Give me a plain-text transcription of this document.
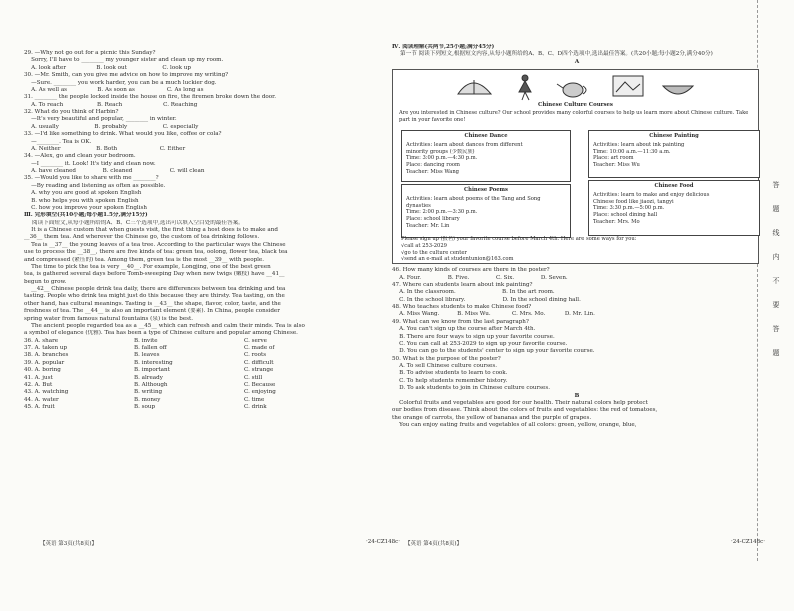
29. —Why not go out for a picnic this Sunday?
Sorry, I'll have to ________ my younger sister and clean up my room.
A. look after                 B. look out                    C. look up
30. —Mr. Smith, can you give me advice on how to improve my writing?
—Sure. ________ you work harder, you can be a much luckier dog.
A. As well as                 B. As soon as                  C. As long as
31. ________ the people locked inside the house on fire, the firemen broke down the door.
A. To reach                   B. Reach                       C. Reaching
32. What do you think of Harbin?
—It's very beautiful and popular, ________ in winter.
A. usually                    B. probably                    C. especially
33. —I'd like something to drink. What would you like, coffee or cola?
—________. Tea is OK.
A. Neither                    B. Both                        C. Either
34. —Alex, go and clean your bedroom.
—I ________ it. Look! It's tidy and clean now.
A. have cleaned               B. cleaned                     C. will clean
35. —Would you like to share with me ________?
—By reading and listening as often as possible.
A. why you are good at spoken English
B. who helps you with spoken English
C. how you improve your spoken English
Ⅲ. 完形填空(共10小题;每小题1.5分,满分15分)
阅读下面短文,从每小题所给的A、B、C三个选项中,选出可以填入空白处的最佳答案。
It is a Chinese custom that when guests visit, the first thing a host does is to make and
__36__ them tea. And wherever the Chinese go, the custom of tea drinking follows.
Tea is __37__ the young leaves of a tea tree. According to the particular ways the Chinese
use to process the __38__, there are five kinds of tea: green tea, oolong, flower tea, black tea
and compressed (紧压的) tea. Among them, green tea is the most __39__ with people.
The time to pick the tea is very __40__. For example, Longjing, one of the best green
tea, is gathered several days before Tomb-sweeping Day when new twigs (嫩枝) have __41__
begun to grow.
__42__ Chinese people drink tea daily, there are differences between tea drinking and tea
tasting. People who drink tea might just do this because they are thirsty. Tea tasting, on the
other hand, has cultural meanings. Tasting is __43__ the shape, flavor, color, taste, and the
freshness of tea. The __44__ is also an important element (要素). In China, people consider
spring water from famous natural fountains (泉) is the best.
The ancient people regarded tea as a __45__ which can refresh and calm their minds. Tea is also
a symbol of elegance (优雅). Tea has been a type of Chinese culture and popular among Chinese.
36. A. share	B. invite	C. serve
37. A. taken up	B. fallen off	C. made of
38. A. branches	B. leaves	C. roots
39. A. popular	B. interesting	C. difficult
40. A. boring	B. important	C. strange
41. A. just	B. already	C. still
42. A. But	B. Although	C. Because
43. A. watching	B. writing	C. enjoying
44. A. water	B. money	C. time
45. A. fruit	B. soup	C. drink
【英语 第3页(共8页)】	·24-CZ148c·
Ⅳ. 阅读理解(共两节,25小题;满分45分)
第一节 阅读下列短文,根据短文内容,从每小题所给的A、B、C、D四个选项中,选出最佳答案。(共20小题;每小题2分,满分40分)
A
Chinese Culture Courses
Are you interested in Chinese culture? Our school provides many colorful courses to help us learn more about Chinese culture. Take part in your favorite one!
Chinese Dance
Activities: learn about dances from different
minority groups (少数民族)
Time: 3:00 p.m.—4:30 p.m.
Place: dancing room
Teacher: Miss Wang
Chinese Painting
Activities: learn about ink painting
Time: 10:00 a.m.—11:30 a.m.
Place: art room
Teacher: Miss Wu
Chinese Poems
Activities: learn about poems of the Tang and Song
dynasties
Time: 2:00 p.m.—3:30 p.m.
Place: school library
Teacher: Mr. Lin
Chinese Food
Activities: learn to make and enjoy delicious
Chinese food like jiaozi, tangyi
Time: 3:30 p.m.—5:00 p.m.
Place: school dining hall
Teacher: Mrs. Mo
Please sign up (报名) your favorite course before March 4th. Here are some ways for you:
√call at 253-2029
√go to the culture center
√send an e-mail at studentunion@163.com
46. How many kinds of courses are there in the poster?
A. Four.               B. Five.               C. Six.               D. Seven.
47. Where can students learn about ink painting?
A. In the classroom.                          B. In the art room.
C. In the school library.                     D. In the school dining hall.
48. Who teaches students to make Chinese food?
A. Miss Wang.          B. Miss Wu.            C. Mrs. Mo.           D. Mr. Lin.
49. What can we know from the last paragraph?
A. You can't sign up the course after March 4th.
B. There are four ways to sign up your favorite course.
C. You can call at 253-2029 to sign up your favorite course.
D. You can go to the students' center to sign up your favorite course.
50. What is the purpose of the poster?
A. To sell Chinese culture courses.
B. To advise students to learn to cook.
C. To help students remember history.
D. To ask students to join in Chinese culture courses.
B
Colorful fruits and vegetables are good for our health. Their natural colors help protect
our bodies from disease. Think about the colors of fruits and vegetables: the red of tomatoes,
the orange of carrots, the yellow of bananas and the purple of grapes.
You can enjoy eating fruits and vegetables of all colors: green, yellow, orange, blue,
【英语 第4页(共8页)】	·24-CZ148c·
答
题
线
内
不
要
答
题
